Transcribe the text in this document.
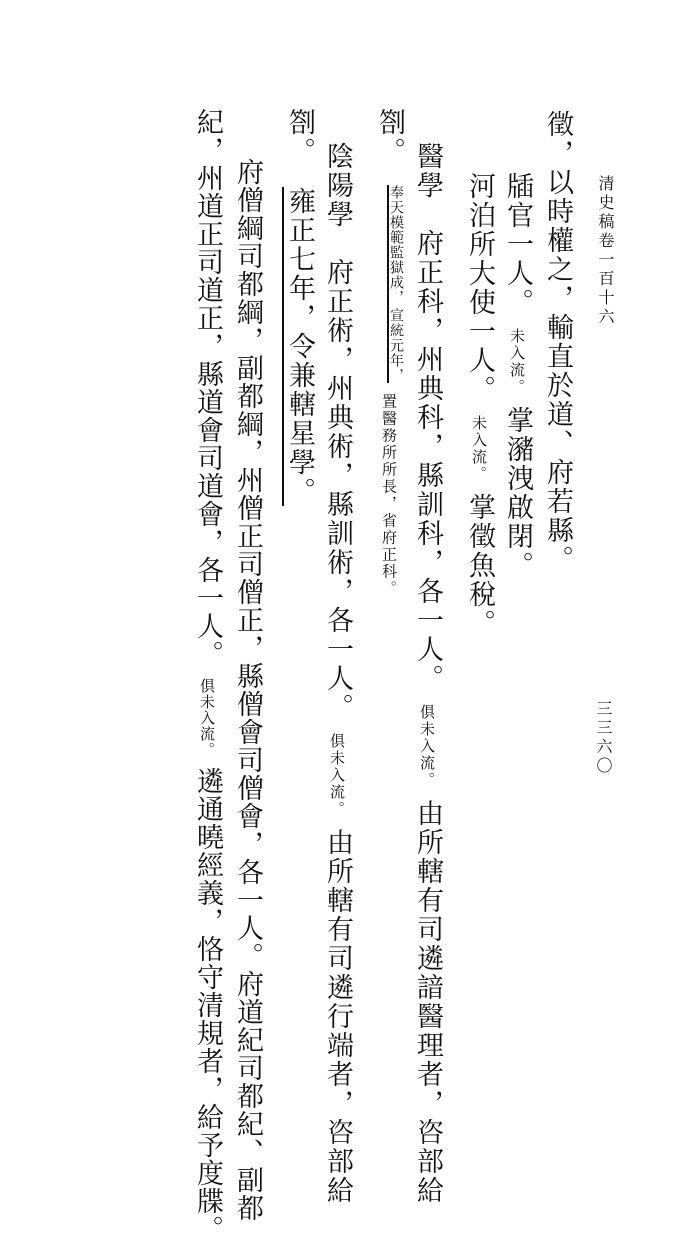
清史稿卷一百十六
三三六〇
徵，以時權之，輸直於道、府若縣。
牐官一人。 未入流。 掌瀦洩啟閉。
河泊所大使一人。 未入流。 掌徵魚稅。
醫學　府正科，州典科，縣訓科，各一人。 俱未入流。 由所轄有司遴諳醫理者，咨部給
劄。
宣統元年，
奉天模範監獄成，
置醫務所所長，省府正科。
陰陽學　府正術，州典術，縣訓術，各一人。 俱未入流。 由所轄有司遴行端者，咨部給
劄。 雍正七年，令兼轄星學。
府僧綱司都綱，副都綱，州僧正司僧正，縣僧會司僧會，各一人。府道紀司都紀、副都
紀，州道正司道正，縣道會司道會，各一人。 俱未入流。 遴通曉經義，恪守清規者，給予度牒。
